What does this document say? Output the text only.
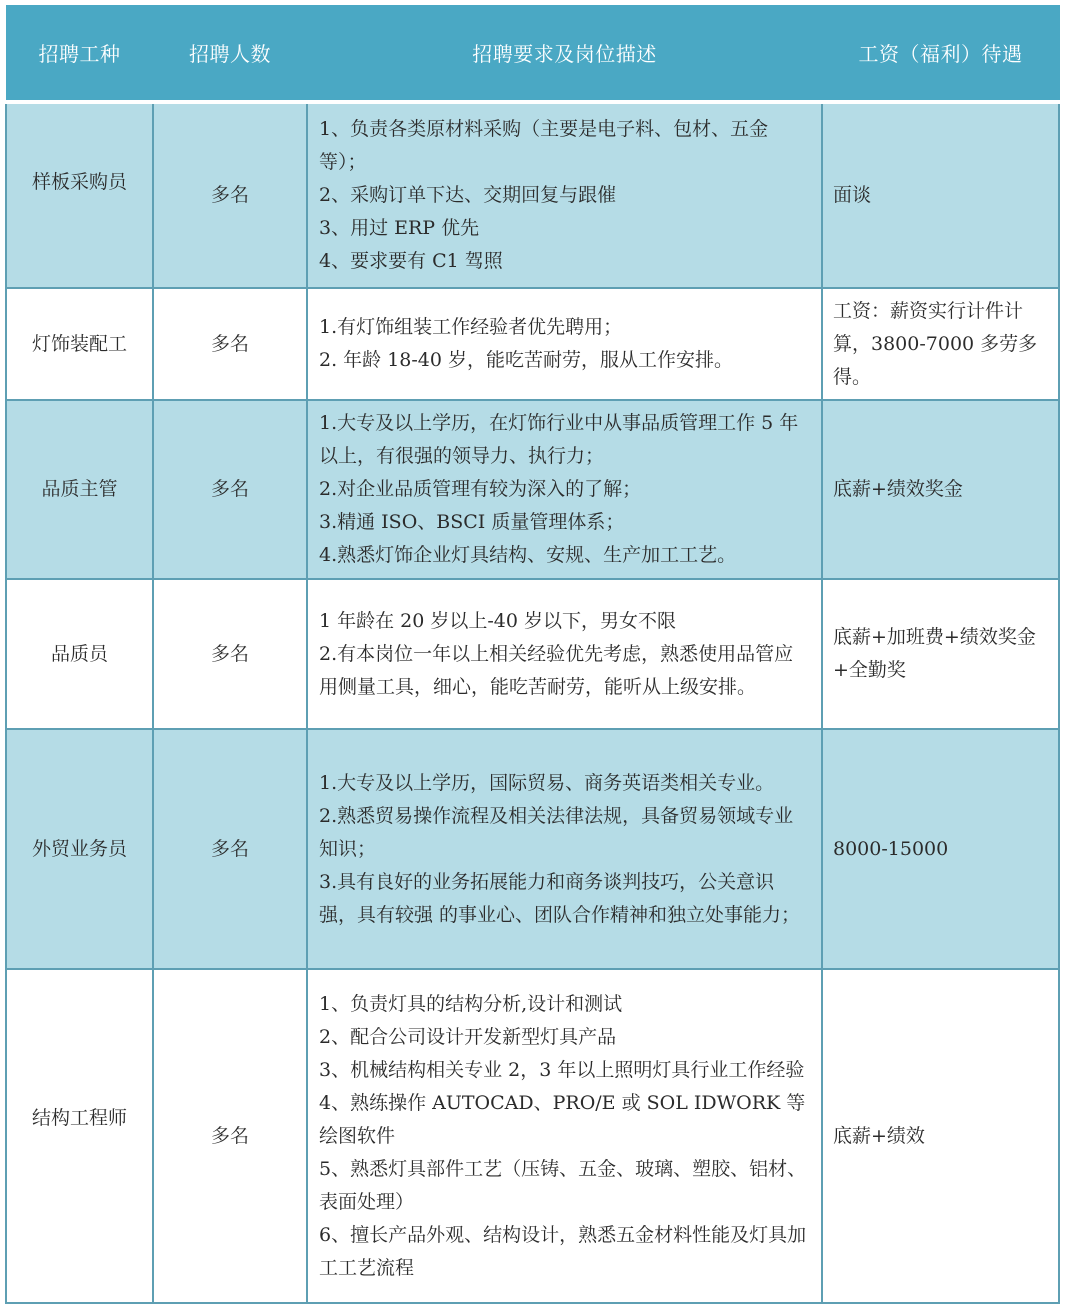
招聘工种	招聘人数	招聘要求及岗位描述	工资（福利）待遇
样板采购员	多名	1、负责各类原材料采购（主要是电子料、包材、五金等）；
2、采购订单下达、交期回复与跟催
3、用过 ERP 优先
4、要求要有 C1 驾照	面谈
灯饰装配工	多名	1.有灯饰组装工作经验者优先聘用；
2. 年龄 18-40 岁，能吃苦耐劳，服从工作安排。	工资：薪资实行计件计算，3800-7000 多劳多得。
品质主管	多名	1.大专及以上学历，在灯饰行业中从事品质管理工作 5 年以上，有很强的领导力、执行力；
2.对企业品质管理有较为深入的了解；
3.精通 ISO、BSCI 质量管理体系；
4.熟悉灯饰企业灯具结构、安规、生产加工工艺。	底薪+绩效奖金
品质员	多名	1 年龄在 20 岁以上-40 岁以下，男女不限
2.有本岗位一年以上相关经验优先考虑，熟悉使用品管应用侧量工具，细心，能吃苦耐劳，能听从上级安排。	底薪+加班费+绩效奖金+全勤奖
外贸业务员	多名	1.大专及以上学历，国际贸易、商务英语类相关专业。
2.熟悉贸易操作流程及相关法律法规，具备贸易领域专业知识；
3.具有良好的业务拓展能力和商务谈判技巧，公关意识强，具有较强 的事业心、团队合作精神和独立处事能力；	8000-15000
结构工程师	多名	
1、负责灯具的结构分析,设计和测试
2、配合公司设计开发新型灯具产品
3、机械结构相关专业 2，3 年以上照明灯具行业工作经验
4、熟练操作 AUTOCAD、PRO/E 或 SOL IDWORK 等绘图软件
5、熟悉灯具部件工艺（压铸、五金、玻璃、塑胶、铝材、表面处理）
6、擅长产品外观、结构设计，熟悉五金材料性能及灯具加工工艺流程
	底薪+绩效
